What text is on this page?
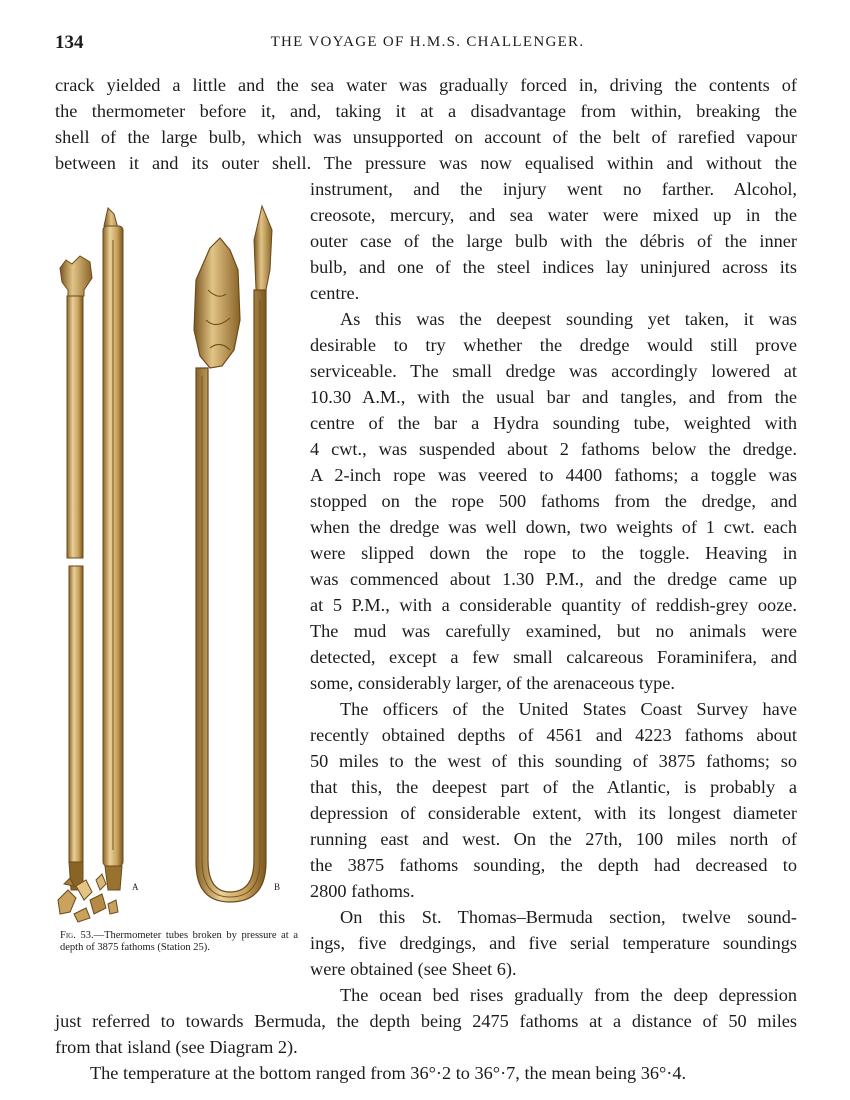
134	THE VOYAGE OF H.M.S. CHALLENGER.
crack yielded a little and the sea water was gradually forced in, driving the contents of
the thermometer before it, and, taking it at a disadvantage from within, breaking the
shell of the large bulb, which was unsupported on account of the belt of rarefied vapour
between it and its outer shell. The pressure was now equalised within and without the
instrument, and the injury went no farther. Alcohol,
creosote, mercury, and sea water were mixed up in the
outer case of the large bulb with the débris of the inner
bulb, and one of the steel indices lay uninjured across its
centre.
As this was the deepest sounding yet taken, it was
desirable to try whether the dredge would still prove
serviceable. The small dredge was accordingly lowered at
10.30 A.M., with the usual bar and tangles, and from the
centre of the bar a Hydra sounding tube, weighted with
4 cwt., was suspended about 2 fathoms below the dredge.
A 2-inch rope was veered to 4400 fathoms; a toggle was
stopped on the rope 500 fathoms from the dredge, and
when the dredge was well down, two weights of 1 cwt. each
were slipped down the rope to the toggle. Heaving in
was commenced about 1.30 P.M., and the dredge came up
at 5 P.M., with a considerable quantity of reddish-grey ooze.
The mud was carefully examined, but no animals were
detected, except a few small calcareous Foraminifera, and
some, considerably larger, of the arenaceous type.
The officers of the United States Coast Survey have
recently obtained depths of 4561 and 4223 fathoms about
50 miles to the west of this sounding of 3875 fathoms; so
that this, the deepest part of the Atlantic, is probably a
depression of considerable extent, with its longest diameter
running east and west. On the 27th, 100 miles north of
the 3875 fathoms sounding, the depth had decreased to
2800 fathoms.
On this St. Thomas–Bermuda section, twelve sound-
ings, five dredgings, and five serial temperature soundings
were obtained (see Sheet 6).
The ocean bed rises gradually from the deep depression
just referred to towards Bermuda, the depth being 2475 fathoms at a distance of 50 miles
from that island (see Diagram 2).
The temperature at the bottom ranged from 36°·2 to 36°·7, the mean being 36°·4.
A	B
Fig. 53.—Thermometer tubes broken by pressure at a depth of 3875 fathoms (Station 25).
